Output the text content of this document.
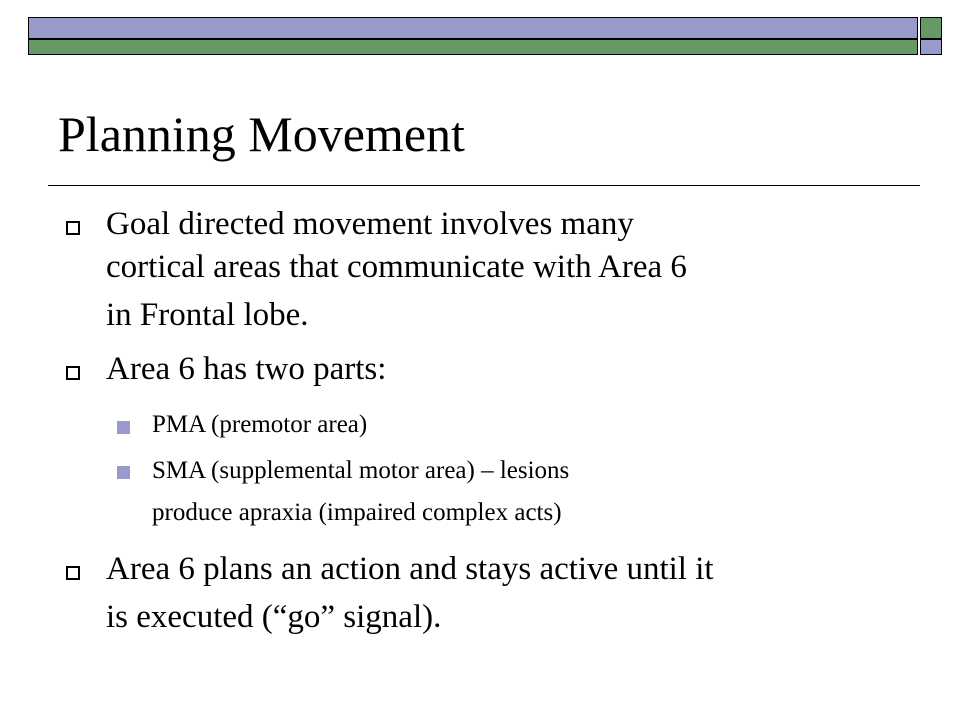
Planning Movement
Goal directed movement involves many
cortical areas that communicate with Area 6
in Frontal lobe.
Area 6 has two parts:
PMA (premotor area)
SMA (supplemental motor area) – lesions
produce apraxia (impaired complex acts)
Area 6 plans an action and stays active until it
is executed (“go” signal).
